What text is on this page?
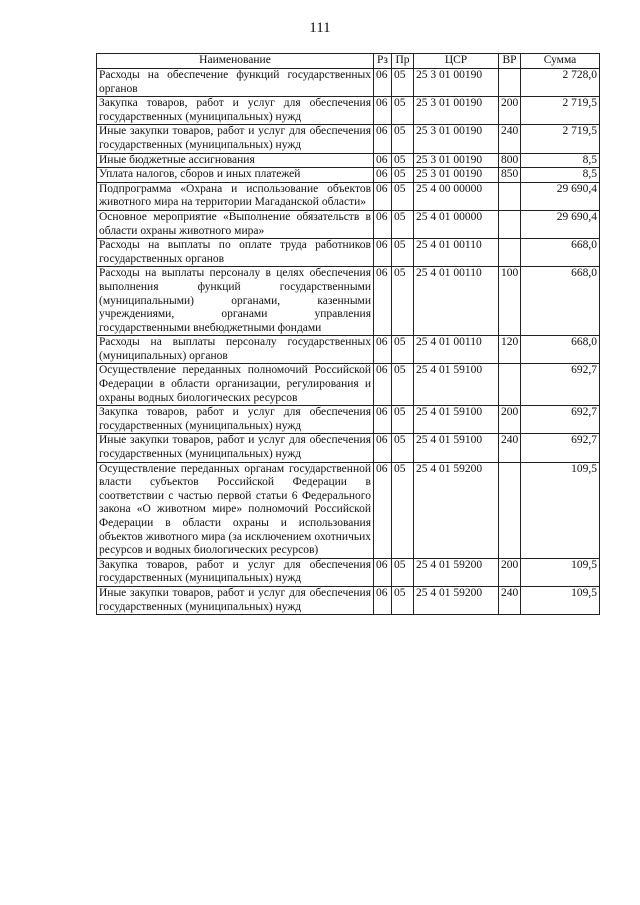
111
Наименование	Рз	Пр	ЦСР	ВР	Сумма
Расходы на обеспечение функций государственных органов	06	05	25 3 01 00190		2 728,0
Закупка товаров, работ и услуг для обеспечения государственных (муниципальных) нужд	06	05	25 3 01 00190	200	2 719,5
Иные закупки товаров, работ и услуг для обеспечения государственных (муниципальных) нужд	06	05	25 3 01 00190	240	2 719,5
Иные бюджетные ассигнования	06	05	25 3 01 00190	800	8,5
Уплата налогов, сборов и иных платежей	06	05	25 3 01 00190	850	8,5
Подпрограмма «Охрана и использование объектов животного мира на территории Магаданской области»	06	05	25 4 00 00000		29 690,4
Основное мероприятие «Выполнение обязательств в области охраны животного мира»	06	05	25 4 01 00000		29 690,4
Расходы на выплаты по оплате труда работников государственных органов	06	05	25 4 01 00110		668,0
Расходы на выплаты персоналу в целях обеспечения выполнения функций государственными (муниципальными) органами, казенными учреждениями, органами управления государственными внебюджетными фондами	06	05	25 4 01 00110	100	668,0
Расходы на выплаты персоналу государственных (муниципальных) органов	06	05	25 4 01 00110	120	668,0
Осуществление переданных полномочий Российской Федерации в области организации, регулирования и охраны водных биологических ресурсов	06	05	25 4 01 59100		692,7
Закупка товаров, работ и услуг для обеспечения государственных (муниципальных) нужд	06	05	25 4 01 59100	200	692,7
Иные закупки товаров, работ и услуг для обеспечения государственных (муниципальных) нужд	06	05	25 4 01 59100	240	692,7
Осуществление переданных органам государственной власти субъектов Российской Федерации в соответствии с частью первой статьи 6 Федерального закона «О животном мире» полномочий Российской Федерации в области охраны и использования объектов животного мира (за исключением охотничьих ресурсов и водных биологических ресурсов)	06	05	25 4 01 59200		109,5
Закупка товаров, работ и услуг для обеспечения государственных (муниципальных) нужд	06	05	25 4 01 59200	200	109,5
Иные закупки товаров, работ и услуг для обеспечения государственных (муниципальных) нужд	06	05	25 4 01 59200	240	109,5
